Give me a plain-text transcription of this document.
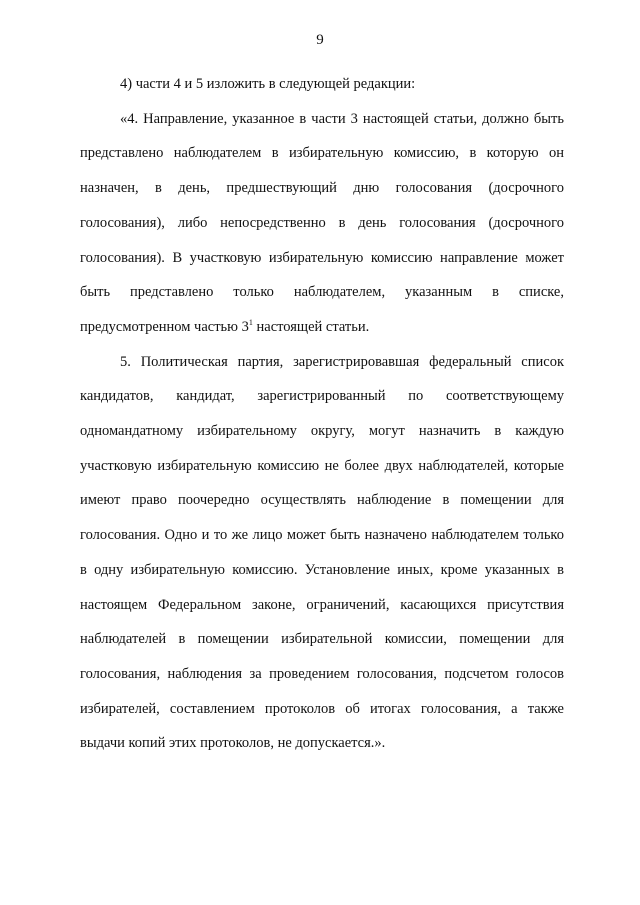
9

4) части 4 и 5 изложить в следующей редакции:

«4. Направление, указанное в части 3 настоящей статьи, должно быть представлено наблюдателем в избирательную комиссию, в которую он назначен, в день, предшествующий дню голосования (досрочного голосования), либо непосредственно в день голосования (досрочного голосования). В участковую избирательную комиссию направление может быть представлено только наблюдателем, указанным в списке, предусмотренном частью $3^1$ настоящей статьи.

5. Политическая партия, зарегистрировавшая федеральный список кандидатов, кандидат, зарегистрированный по соответствующему одномандатному избирательному округу, могут назначить в каждую участковую избирательную комиссию не более двух наблюдателей, которые имеют право поочередно осуществлять наблюдение в помещении для голосования. Одно и то же лицо может быть назначено наблюдателем только в одну избирательную комиссию. Установление иных, кроме указанных в настоящем Федеральном законе, ограничений, касающихся присутствия наблюдателей в помещении избирательной комиссии, помещении для голосования, наблюдения за проведением голосования, подсчетом голосов избирателей, составлением протоколов об итогах голосования, а также выдачи копий этих протоколов, не допускается.».
